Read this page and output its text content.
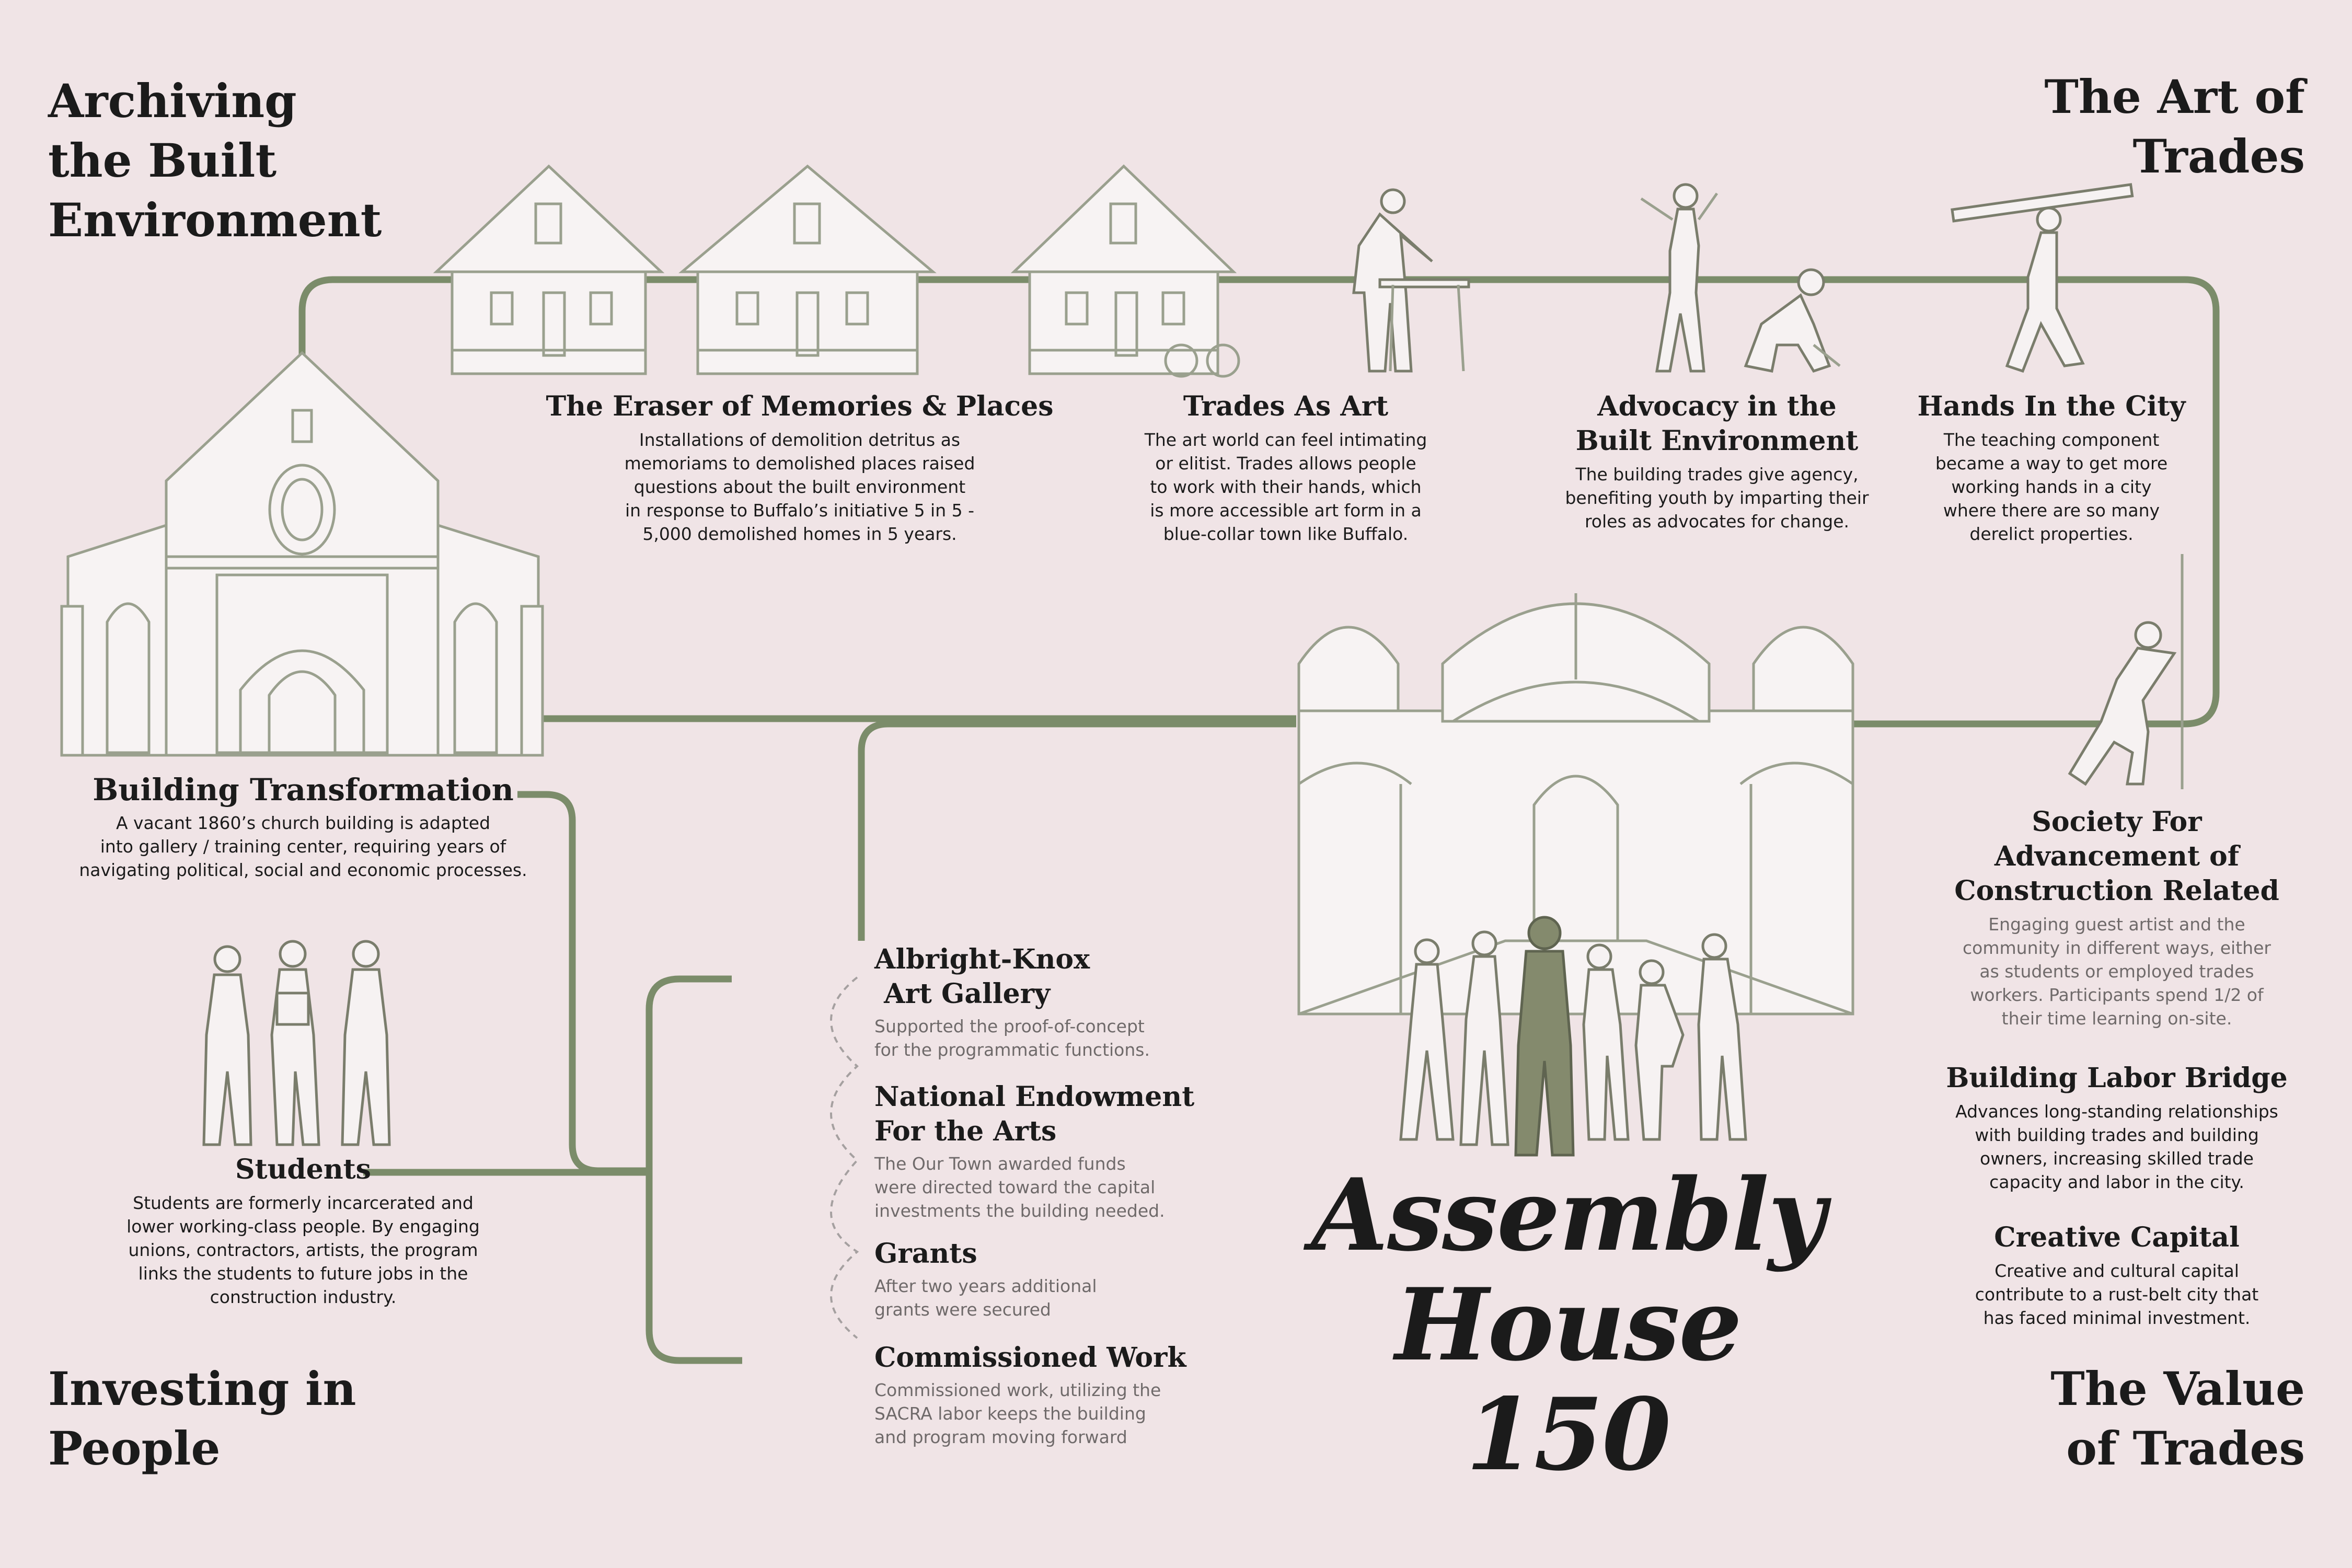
Archiving
the Built
Environment
The Art of
Trades
Investing in
People
The Value
of Trades
Assembly
House 150
The Eraser of Memories & Places

Installations of demolition detritus as
memoriams to demolished places raised
questions about the built environment
in response to Buffalo’s initiative 5 in 5 -
5,000 demolished homes in 5 years.

Trades As Art

The art world can feel intimating
or elitist. Trades allows people
to work with their hands, which
is more accessible art form in a
blue-collar town like Buffalo.

Advocacy in the
Built Environment

The building trades give agency,
benefiting youth by imparting their
roles as advocates for change.

Hands In the City

The teaching component
became a way to get more
working hands in a city
where there are so many
derelict properties.

Building Transformation

A vacant 1860’s church building is adapted
into gallery / training center, requiring years of
navigating political, social and economic processes.

Students

Students are formerly incarcerated and
lower working-class people. By engaging
unions, contractors, artists, the program
links the students to future jobs in the
construction industry.

Albright-Knox
Art Gallery

Supported the proof-of-concept
for the programmatic functions.

National Endowment
For the Arts

The Our Town awarded funds
were directed toward the capital
investments the building needed.

Grants

After two years additional
grants were secured

Commissioned Work

Commissioned work, utilizing the
SACRA labor keeps the building
and program moving forward

Society For
Advancement of
Construction Related

Engaging guest artist and the
community in different ways, either
as students or employed trades
workers. Participants spend 1/2 of
their time learning on-site.

Building Labor Bridge

Advances long-standing relationships
with building trades and building
owners, increasing skilled trade
capacity and labor in the city.

Creative Capital

Creative and cultural capital
contribute to a rust-belt city that
has faced minimal investment.
